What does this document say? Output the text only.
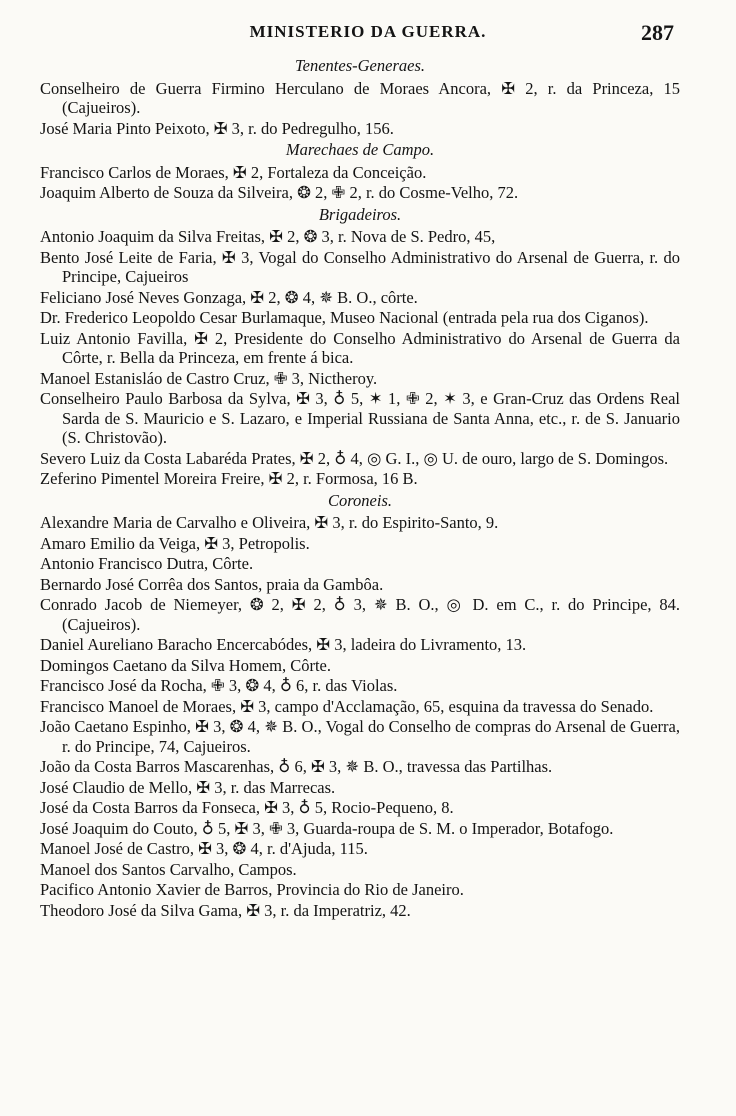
MINISTERIO DA GUERRA.	287
Tenentes-Generaes.
Conselheiro de Guerra Firmino Herculano de Moraes Ancora, ✠ 2, r. da Princeza, 15 (Cajueiros).
José Maria Pinto Peixoto, ✠ 3, r. do Pedregulho, 156.
Marechaes de Campo.
Francisco Carlos de Moraes, ✠ 2, Fortaleza da Conceição.
Joaquim Alberto de Souza da Silveira, ❂ 2, ✙ 2, r. do Cosme-Velho, 72.
Brigadeiros.
Antonio Joaquim da Silva Freitas, ✠ 2, ❂ 3, r. Nova de S. Pedro, 45,
Bento José Leite de Faria, ✠ 3, Vogal do Conselho Administrativo do Arsenal de Guerra, r. do Principe, Cajueiros
Feliciano José Neves Gonzaga, ✠ 2, ❂ 4, ✵ B. O., côrte.
Dr. Frederico Leopoldo Cesar Burlamaque, Museo Nacional (entrada pela rua dos Ciganos).
Luiz Antonio Favilla, ✠ 2, Presidente do Conselho Administrativo do Arsenal de Guerra da Côrte, r. Bella da Princeza, em frente á bica.
Manoel Estanisláo de Castro Cruz, ✙ 3, Nictheroy.
Conselheiro Paulo Barbosa da Sylva, ✠ 3, ♁ 5, ✶ 1, ✙ 2, ✶ 3, e Gran-Cruz das Ordens Real Sarda de S. Mauricio e S. Lazaro, e Imperial Russiana de Santa Anna, etc., r. de S. Januario (S. Christovão).
Severo Luiz da Costa Labaréda Prates, ✠ 2, ♁ 4, ◎ G. I., ◎ U. de ouro, largo de S. Domingos.
Zeferino Pimentel Moreira Freire, ✠ 2, r. Formosa, 16 B.
Coroneis.
Alexandre Maria de Carvalho e Oliveira, ✠ 3, r. do Espirito-Santo, 9.
Amaro Emilio da Veiga, ✠ 3, Petropolis.
Antonio Francisco Dutra, Côrte.
Bernardo José Corrêa dos Santos, praia da Gambôa.
Conrado Jacob de Niemeyer, ❂ 2, ✠ 2, ♁ 3, ✵ B. O., ◎ D. em C., r. do Principe, 84. (Cajueiros).
Daniel Aureliano Baracho Encercabódes, ✠ 3, ladeira do Livramento, 13.
Domingos Caetano da Silva Homem, Côrte.
Francisco José da Rocha, ✙ 3, ❂ 4, ♁ 6, r. das Violas.
Francisco Manoel de Moraes, ✠ 3, campo d'Acclamação, 65, esquina da travessa do Senado.
João Caetano Espinho, ✠ 3, ❂ 4, ✵ B. O., Vogal do Conselho de compras do Arsenal de Guerra, r. do Principe, 74, Cajueiros.
João da Costa Barros Mascarenhas, ♁ 6, ✠ 3, ✵ B. O., travessa das Partilhas.
José Claudio de Mello, ✠ 3, r. das Marrecas.
José da Costa Barros da Fonseca, ✠ 3, ♁ 5, Rocio-Pequeno, 8.
José Joaquim do Couto, ♁ 5, ✠ 3, ✙ 3, Guarda-roupa de S. M. o Imperador, Botafogo.
Manoel José de Castro, ✠ 3, ❂ 4, r. d'Ajuda, 115.
Manoel dos Santos Carvalho, Campos.
Pacifico Antonio Xavier de Barros, Provincia do Rio de Janeiro.
Theodoro José da Silva Gama, ✠ 3, r. da Imperatriz, 42.
